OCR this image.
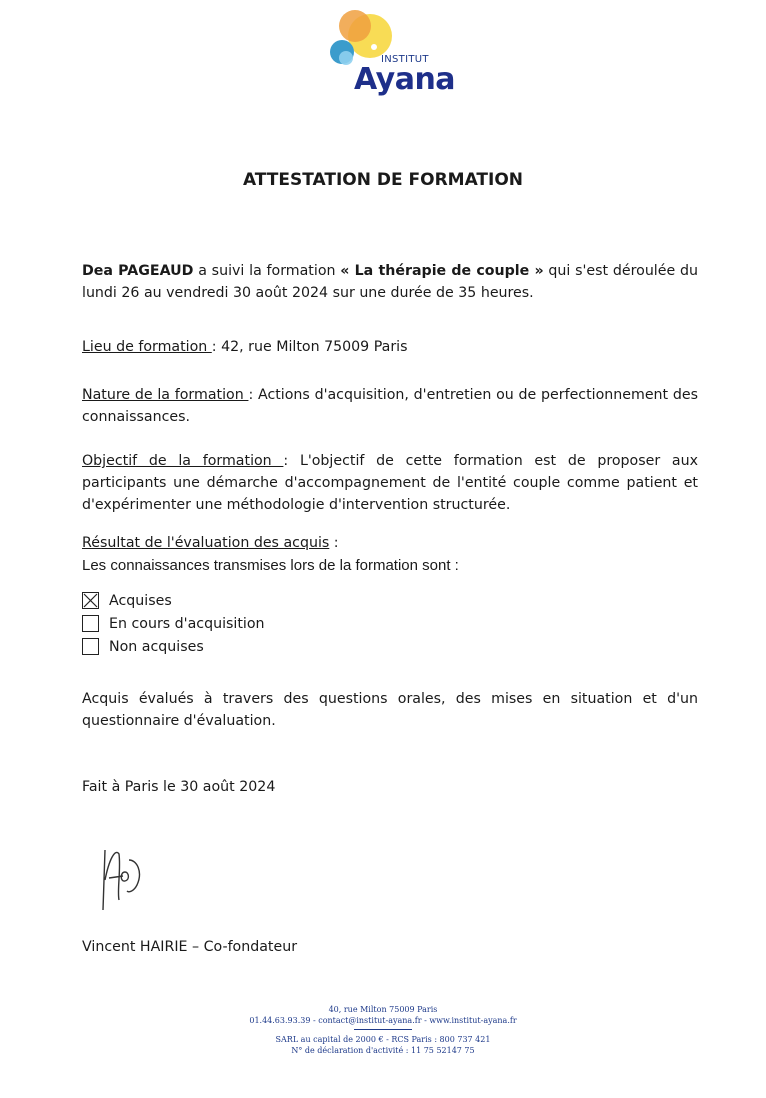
INSTITUT
Ayana
ATTESTATION DE FORMATION
Dea PAGEAUD a suivi la formation « La thérapie de couple » qui s'est déroulée du lundi 26 au vendredi 30 août 2024 sur une durée de 35 heures.
Lieu de formation : 42, rue Milton 75009 Paris
Nature de la formation : Actions d'acquisition, d'entretien ou de perfectionnement des connaissances.
Objectif de la formation : L'objectif de cette formation est de proposer aux participants une démarche d'accompagnement de l'entité couple comme patient et d'expérimenter une méthodologie d'intervention structurée.
Résultat de l'évaluation des acquis :
Les connaissances transmises lors de la formation sont :
Acquises
En cours d'acquisition
Non acquises
Acquis évalués à travers des questions orales, des mises en situation et d'un questionnaire d'évaluation.
Fait à Paris le 30 août 2024
Vincent HAIRIE – Co-fondateur
40, rue Milton 75009 Paris
01.44.63.93.39 - contact@institut-ayana.fr - www.institut-ayana.fr
SARL au capital de 2000 € - RCS Paris : 800 737 421
N° de déclaration d'activité : 11 75 52147 75
